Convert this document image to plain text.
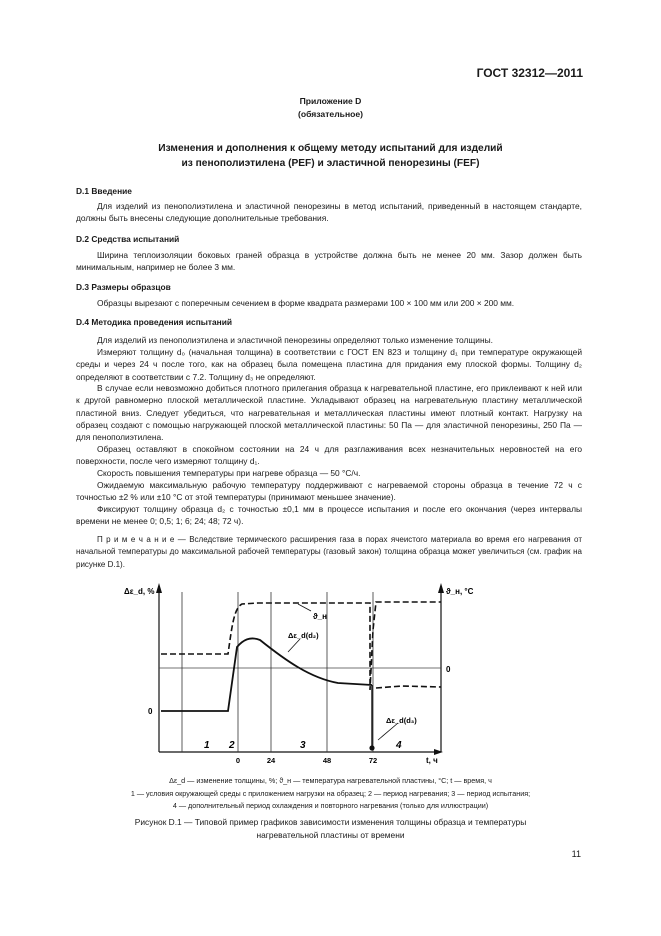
ГОСТ 32312—2011
Приложение D
(обязательное)
Изменения и дополнения к общему методу испытаний для изделий
из пенополиэтилена (PEF) и эластичной пенорезины (FEF)
D.1 Введение
Для изделий из пенополиэтилена и эластичной пенорезины в метод испытаний, приведенный в настоящем стандарте, должны быть внесены следующие дополнительные требования.
D.2 Средства испытаний
Ширина теплоизоляции боковых граней образца в устройстве должна быть не менее 20 мм. Зазор должен быть минимальным, например не более 3 мм.
D.3 Размеры образцов
Образцы вырезают с поперечным сечением в форме квадрата размерами 100 × 100 мм или 200 × 200 мм.
D.4 Методика проведения испытаний
Для изделий из пенополиэтилена и эластичной пенорезины определяют только изменение толщины.
Измеряют толщину d₀ (начальная толщина) в соответствии с ГОСТ EN 823 и толщину d₁ при температуре окружающей среды и через 24 ч после того, как на образец была помещена пластина для придания ему плоской формы. Толщину d₂ определяют в соответствии с 7.2. Толщину d₃ не определяют.
В случае если невозможно добиться плотного прилегания образца к нагревательной пластине, его приклеивают к ней или к другой равномерно плоской металлической пластине. Укладывают образец на нагревательную пластину металлической пластиной вниз. Следует убедиться, что нагревательная и металлическая пластины имеют плотный контакт. Нагрузку на образец создают с помощью нагружающей плоской металлической пластины: 50 Па — для эластичной пенорезины, 250 Па — для пенополиэтилена.
Образец оставляют в спокойном состоянии на 24 ч для разглаживания всех незначительных неровностей на его поверхности, после чего измеряют толщину d₁.
Скорость повышения температуры при нагреве образца — 50 °С/ч.
Ожидаемую максимальную рабочую температуру поддерживают с нагреваемой стороны образца в течение 72 ч с точностью ±2 % или ±10 °С от этой температуры (принимают меньшее значение).
Фиксируют толщину образца d₂ с точностью ±0,1 мм в процессе испытания и после его окончания (через интервалы времени не менее 0; 0,5; 1; 6; 24; 48; 72 ч).
П р и м е ч а н и е — Вследствие термического расширения газа в порах ячеистого материала во время его нагревания от начальной температуры до максимальной рабочей температуры (газовый закон) толщина образца может увеличиться (см. график на рисунке D.1).
Δε_d, %	ϑ_н, °C
ϑ_н
Δε_d(d₂)
Δε_d(d₃)
0
0
1 2	3	4
0	24	48	72	t, ч
Δε_d — изменение толщины, %; ϑ_н — температура нагревательной пластины, °С; t — время, ч
1 — условия окружающей среды с приложением нагрузки на образец; 2 — период нагревания; 3 — период испытания;
4 — дополнительный период охлаждения и повторного нагревания (только для иллюстрации)
Рисунок D.1 — Типовой пример графиков зависимости изменения толщины образца и температуры
нагревательной пластины от времени
11
